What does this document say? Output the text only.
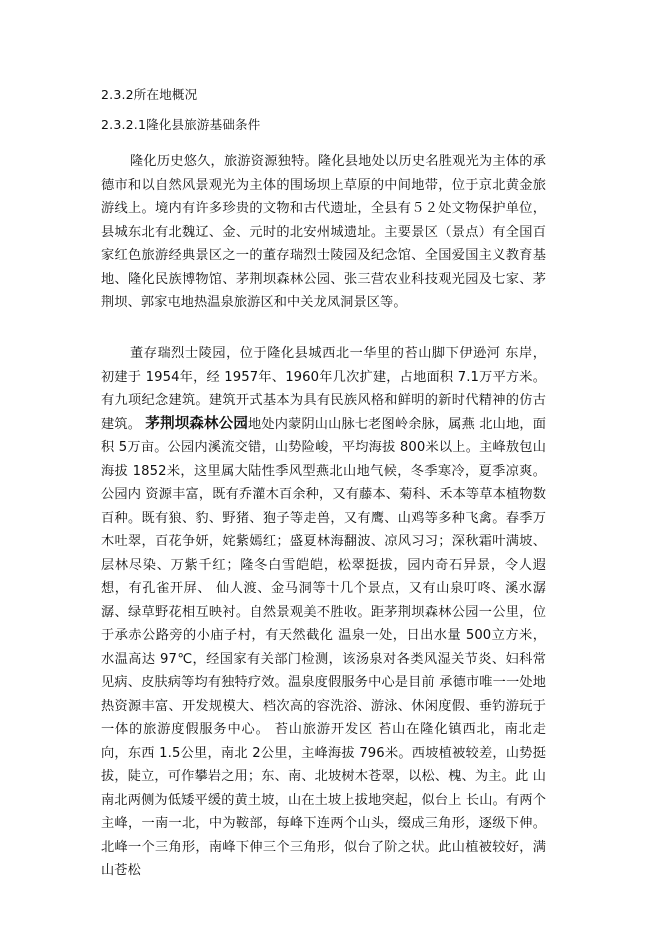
2.3.2所在地概况
2.3.2.1隆化县旅游基础条件

隆化历史悠久，旅游资源独特。隆化县地处以历史名胜观光为主体的承德市和以自然风景观光为主体的围场坝上草原的中间地带，位于京北黄金旅游线上。境内有许多珍贵的文物和古代遗址，全县有５２处文物保护单位，县城东北有北魏辽、金、元时的北安州城遗址。主要景区（景点）有全国百家红色旅游经典景区之一的董存瑞烈士陵园及纪念馆、全国爱国主义教育基地、隆化民族博物馆、茅荆坝森林公园、张三营农业科技观光园及七家、茅荆坝、郭家屯地热温泉旅游区和中关龙凤洞景区等。

董存瑞烈士陵园，位于隆化县城西北一华里的苔山脚下伊逊河 东岸，初建于 1954年，经 1957年、1960年几次扩建，占地面积 7.1万平方米。有九项纪念建筑。建筑开式基本为具有民族风格和鲜明的新时代精神的仿古建筑。 茅荆坝森林公园地处内蒙阴山山脉七老图岭余脉，属燕 北山地，面积 5万亩。公园内溪流交错，山势险峻，平均海拔 800米以上。主峰敖包山海拔 1852米，这里属大陆性季风型燕北山地气候，冬季寒冷，夏季凉爽。公园内 资源丰富，既有乔灌木百余种，又有藤本、菊科、禾本等草本植物数百种。既有狼、豹、野猪、狍子等走兽，又有鹰、山鸡等多种飞禽。春季万木吐翠，百花争妍，姹紫嫣红；盛夏林海翻波、凉风习习；深秋霜叶满坡、层林尽染、万紫千红；隆冬白雪皑皑，松翠挺拔，园内奇石异景，令人遐想，有孔雀开屏、 仙人渡、金马洞等十几个景点，又有山泉叮咚、溪水潺潺、绿草野花相互映衬。自然景观美不胜收。距茅荆坝森林公园一公里，位于承赤公路旁的小庙子村，有天然截化 温泉一处，日出水量 500立方米，水温高达 97℃，经国家有关部门检测，该汤泉对各类风湿关节炎、妇科常见病、皮肤病等均有独特疗效。温泉度假服务中心是目前 承德市唯一一处地热资源丰富、开发规模大、档次高的容洗浴、游泳、休闲度假、垂钓游玩于一体的旅游度假服务中心。 苔山旅游开发区 苔山在隆化镇西北，南北走向，东西 1.5公里，南北 2公里，主峰海拔 796米。西坡植被较差，山势挺拔，陡立，可作攀岩之用；东、南、北坡树木苍翠，以松、槐、为主。此 山南北两侧为低矮平缓的黄土坡，山在土坡上拔地突起，似台上 长山。有两个主峰，一南一北，中为鞍部，每峰下连两个山头，缀成三角形，逐级下伸。北峰一个三角形，南峰下伸三个三角形，似台了阶之状。此山植被较好，满山苍松
